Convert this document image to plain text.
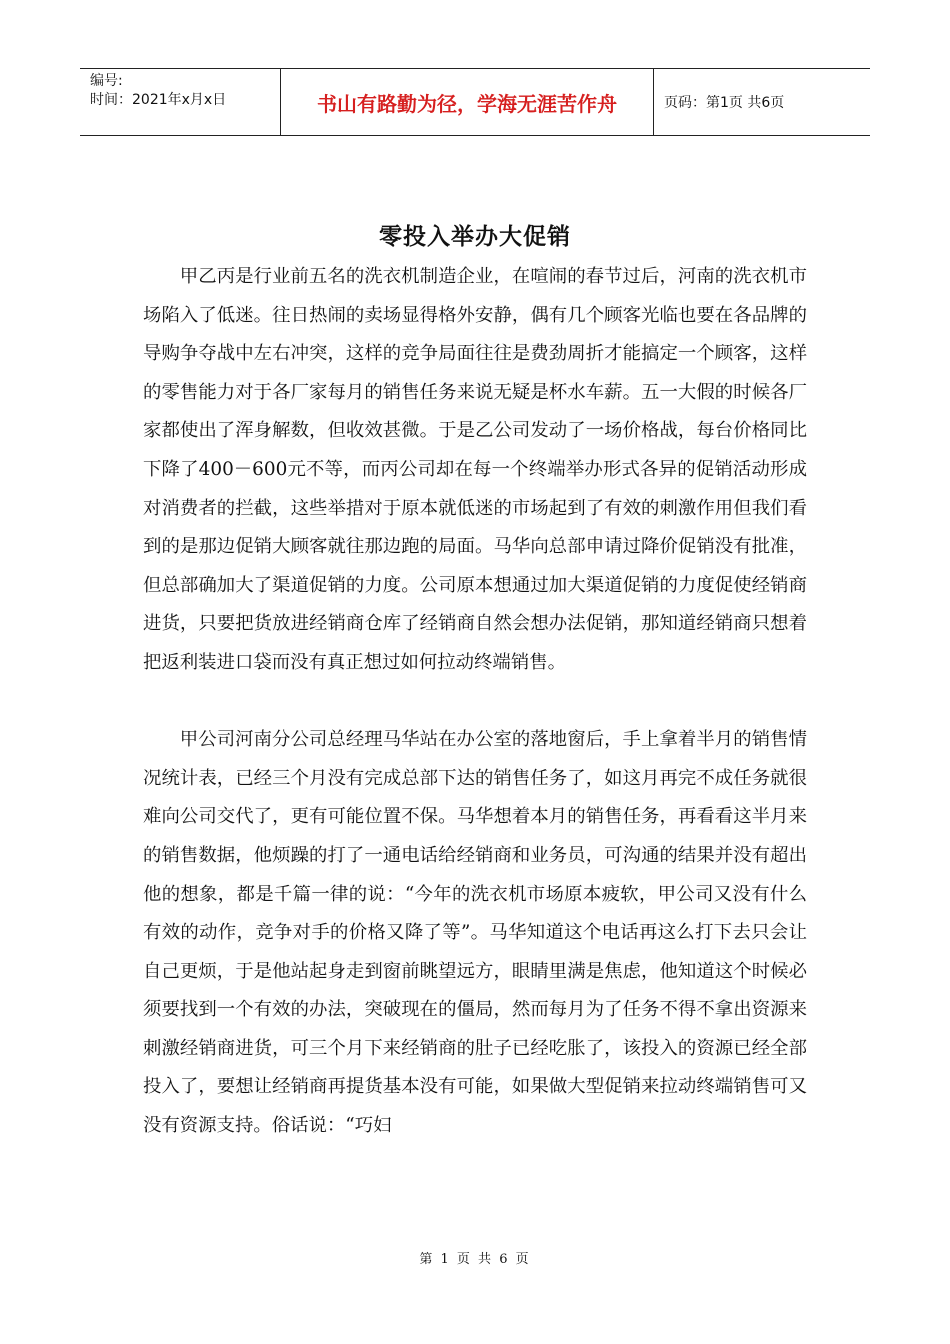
编号:
时间：2021年x月x日	书山有路勤为径，学海无涯苦作舟	页码：第1页 共6页
零投入举办大促销

甲乙丙是行业前五名的洗衣机制造企业，在喧闹的春节过后，河南的洗衣机市场陷入了低迷。往日热闹的卖场显得格外安静，偶有几个顾客光临也要在各品牌的导购争夺战中左右冲突，这样的竞争局面往往是费劲周折才能搞定一个顾客，这样的零售能力对于各厂家每月的销售任务来说无疑是杯水车薪。五一大假的时候各厂家都使出了浑身解数，但收效甚微。于是乙公司发动了一场价格战，每台价格同比下降了400－600元不等，而丙公司却在每一个终端举办形式各异的促销活动形成对消费者的拦截，这些举措对于原本就低迷的市场起到了有效的刺激作用但我们看到的是那边促销大顾客就往那边跑的局面。马华向总部申请过降价促销没有批准，但总部确加大了渠道促销的力度。公司原本想通过加大渠道促销的力度促使经销商进货，只要把货放进经销商仓库了经销商自然会想办法促销，那知道经销商只想着把返利装进口袋而没有真正想过如何拉动终端销售。

甲公司河南分公司总经理马华站在办公室的落地窗后，手上拿着半月的销售情况统计表，已经三个月没有完成总部下达的销售任务了，如这月再完不成任务就很难向公司交代了，更有可能位置不保。马华想着本月的销售任务，再看看这半月来的销售数据，他烦躁的打了一通电话给经销商和业务员，可沟通的结果并没有超出他的想象，都是千篇一律的说：“今年的洗衣机市场原本疲软，甲公司又没有什么有效的动作，竞争对手的价格又降了等”。马华知道这个电话再这么打下去只会让自己更烦，于是他站起身走到窗前眺望远方，眼睛里满是焦虑，他知道这个时候必须要找到一个有效的办法，突破现在的僵局，然而每月为了任务不得不拿出资源来刺激经销商进货，可三个月下来经销商的肚子已经吃胀了，该投入的资源已经全部投入了，要想让经销商再提货基本没有可能，如果做大型促销来拉动终端销售可又没有资源支持。俗话说：“巧妇

第 1 页 共 6 页
